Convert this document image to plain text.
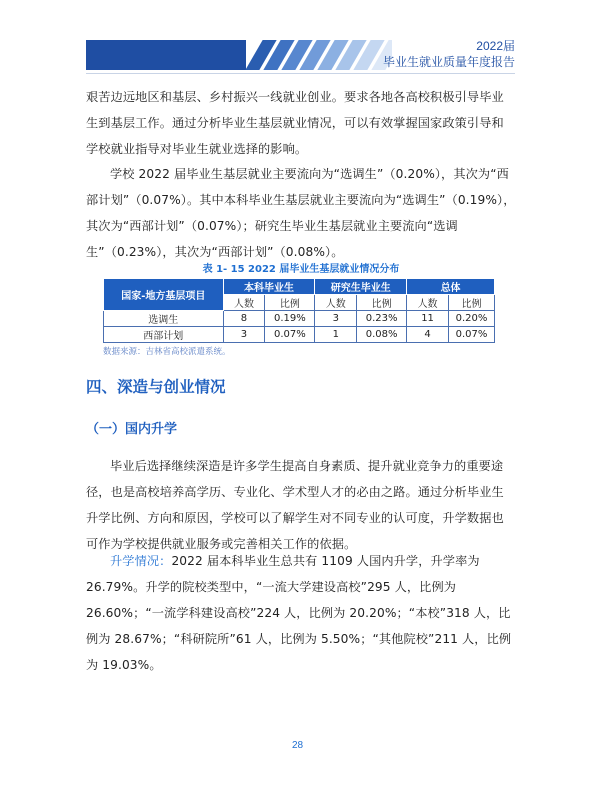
2022届
毕业生就业质量年度报告
艰苦边远地区和基层、乡村振兴一线就业创业。要求各地各高校积极引导毕业生到基层工作。通过分析毕业生基层就业情况，可以有效掌握国家政策引导和学校就业指导对毕业生就业选择的影响。
学校 2022 届毕业生基层就业主要流向为“选调生”（0.20%），其次为“西部计划”（0.07%）。其中本科毕业生基层就业主要流向为“选调生”（0.19%），其次为“西部计划”（0.07%）；研究生毕业生基层就业主要流向“选调生”（0.23%），其次为“西部计划”（0.08%）。
表 1- 15 2022 届毕业生基层就业情况分布
国家-地方基层项目	本科毕业生		研究生毕业生		总体	
	人数	比例	人数	比例	人数	比例
选调生	8	0.19%	3	0.23%	11	0.20%
西部计划	3	0.07%	1	0.08%	4	0.07%
数据来源：吉林省高校派遣系统。
四、深造与创业情况
（一）国内升学
毕业后选择继续深造是许多学生提高自身素质、提升就业竞争力的重要途径，也是高校培养高学历、专业化、学术型人才的必由之路。通过分析毕业生升学比例、方向和原因，学校可以了解学生对不同专业的认可度，升学数据也可作为学校提供就业服务或完善相关工作的依据。
升学情况：2022 届本科毕业生总共有 1109 人国内升学，升学率为 26.79%。升学的院校类型中，“一流大学建设高校”295 人，比例为 26.60%；“一流学科建设高校”224 人，比例为 20.20%；“本校”318 人，比例为 28.67%；“科研院所”61 人，比例为 5.50%；“其他院校”211 人，比例为 19.03%。
28
